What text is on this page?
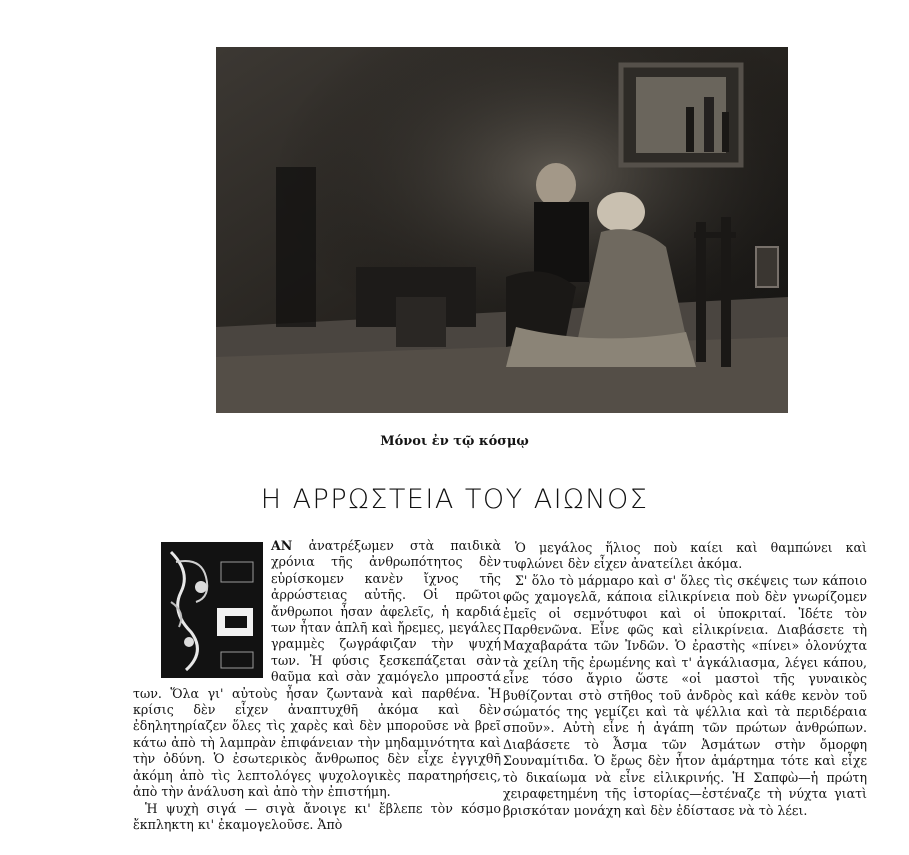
Μόνοι ἐν τῷ κόσμῳ
Η ΑΡΡΩΣΤΕΙΑ ΤΟΥ ΑΙΩΝΟΣ

ΑΝ ἀνατρέξωμεν στὰ παιδικὰ χρόνια τῆς ἀνθρωπότητος δὲν εὑρίσκομεν κανὲν ἴχνος τῆς ἀρρώστειας αὐτῆς. Οἱ πρῶτοι ἄνθρωποι ἦσαν ἀφελεῖς, ἡ καρδιά των ἦταν ἁπλῆ καὶ ἤρεμες, μεγάλες γραμμὲς ζωγράφιζαν τὴν ψυχή των. Ἡ φύσις ξεσκεπάζεται σὰν θαῦμα καὶ σὰν χαμόγελο μπροστά των. Ὅλα γι' αὐτοὺς ἦσαν ζωντανὰ καὶ παρθένα. Ἡ κρίσις δὲν εἶχεν ἀναπτυχθῆ ἀκόμα καὶ δὲν ἐδηλητηρίαζεν ὅλες τὶς χαρὲς καὶ δὲν μποροῦσε νὰ βρεῖ κάτω ἀπὸ τὴ λαμπρὰν ἐπιφάνειαν τὴν μηδαμινότητα καὶ τὴν ὀδύνη. Ὁ ἐσωτερικὸς ἄνθρωπος δὲν εἶχε ἐγγιχθῆ ἀκόμη ἀπὸ τὶς λεπτολόγες ψυχολογικὲς παρατηρήσεις, ἀπὸ τὴν ἀνάλυση καὶ ἀπὸ τὴν ἐπιστήμη.

Ἡ ψυχὴ σιγά — σιγὰ ἄνοιγε κι' ἔβλεπε τὸν κόσμο ἔκπληκτη κι' ἐκαμογελοῦσε. Ἀπὸ

Ὁ μεγάλος ἥλιος ποὺ καίει καὶ θαμπώνει καὶ τυφλώνει δὲν εἶχεν ἀνατείλει ἀκόμα.

Σ' ὅλο τὸ μάρμαρο καὶ σ' ὅλες τὶς σκέψεις των κάποιο φῶς χαμογελᾶ, κάποια εἰλικρίνεια ποὺ δὲν γνωρίζομεν ἐμεῖς οἱ σεμνότυφοι καὶ οἱ ὑποκριταί. Ἰδέτε τὸν Παρθενῶνα. Εἶνε φῶς καὶ εἰλικρίνεια. Διαβάσετε τὴ Μαχαβαράτα τῶν Ἰνδῶν. Ὁ ἐραστὴς «πίνει» ὁλονύχτα τὰ χείλη τῆς ἐρωμένης καὶ τ' ἀγκάλιασμα, λέγει κάπου, εἶνε τόσο ἄγριο ὥστε «οἱ μαστοὶ τῆς γυναικὸς βυθίζονται στὸ στῆθος τοῦ ἀνδρὸς καὶ κάθε κενὸν τοῦ σώματός της γεμίζει καὶ τὰ ψέλλια καὶ τὰ περιδέραια σποῦν». Αὐτὴ εἶνε ἡ ἀγάπη τῶν πρώτων ἀνθρώπων. Διαβάσετε τὸ Ἆσμα τῶν Ἀσμάτων στὴν ὄμορφη Σουναμίτιδα. Ὁ ἔρως δὲν ἦτον ἁμάρτημα τότε καὶ εἶχε τὸ δικαίωμα νὰ εἶνε εἰλικρινής. Ἡ Σαπφὼ—ἡ πρώτη χειραφετημένη τῆς ἱστορίας—ἐστέναζε τὴ νύχτα γιατὶ βρισκόταν μονάχη καὶ δὲν ἐδίστασε νὰ τὸ λέει.
